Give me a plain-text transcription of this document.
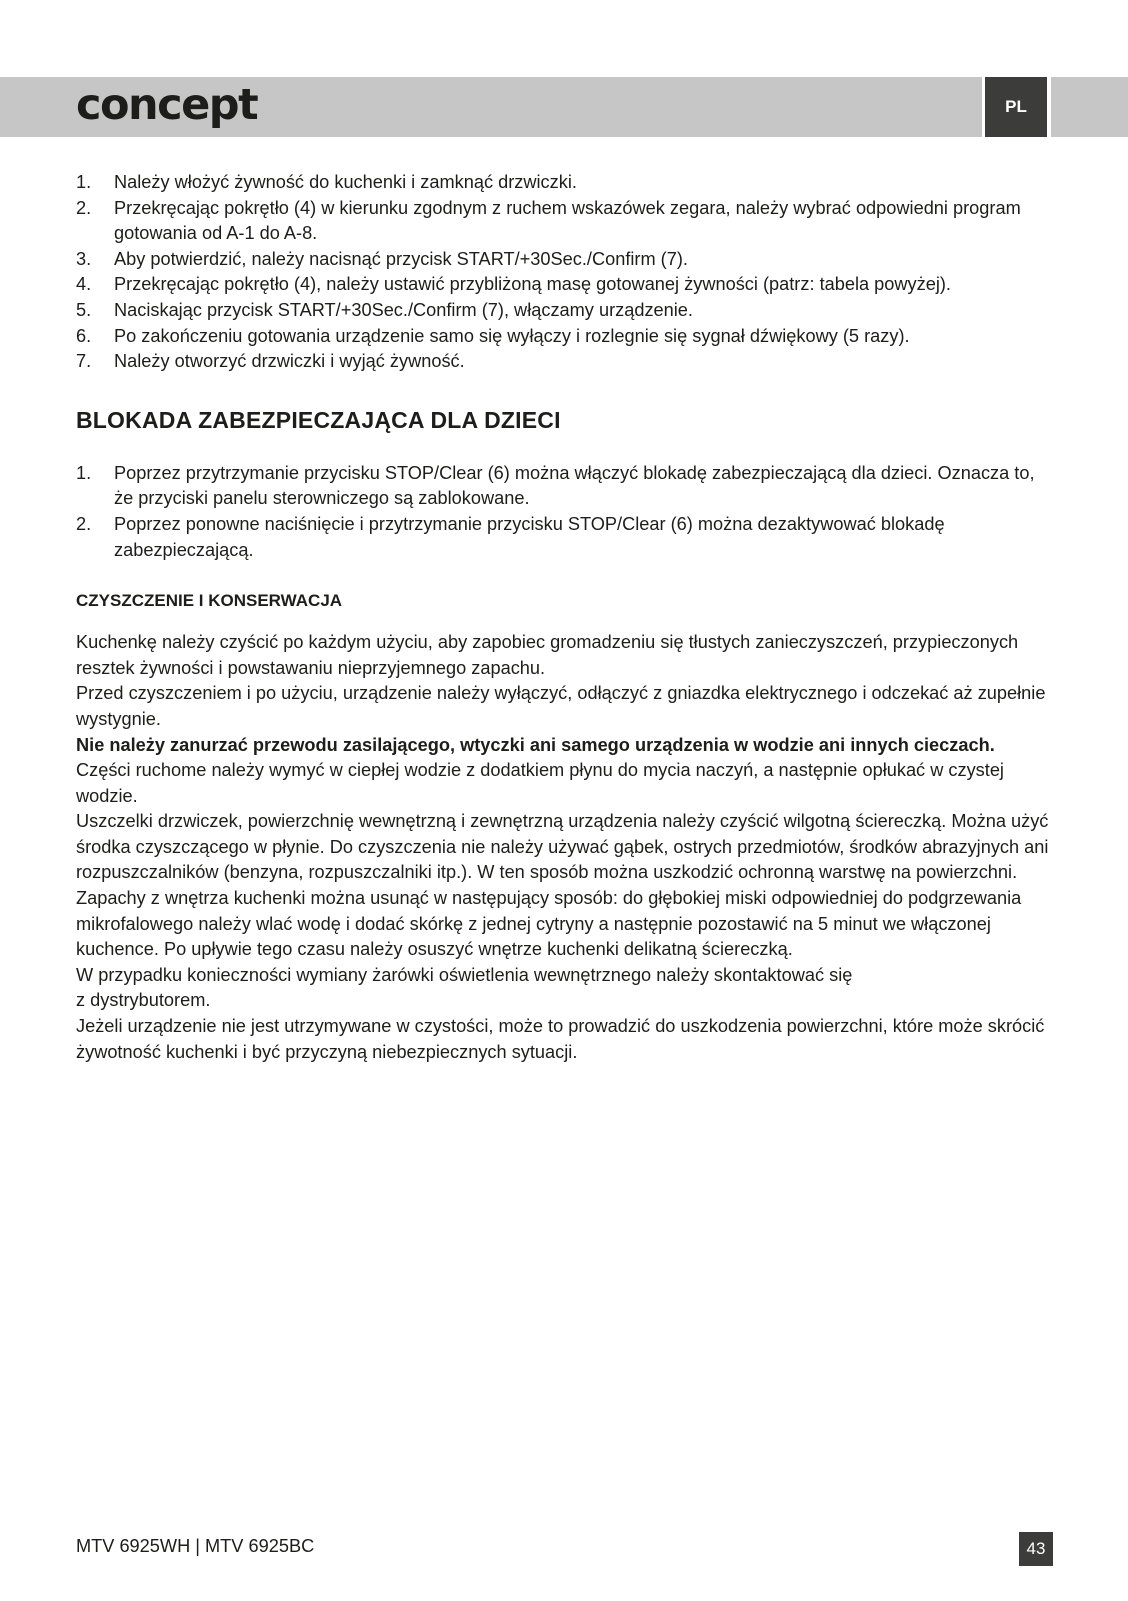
concept	PL
1. Należy włożyć żywność do kuchenki i zamknąć drzwiczki.
2. Przekręcając pokrętło (4) w kierunku zgodnym z ruchem wskazówek zegara, należy wybrać odpowiedni program gotowania od A-1 do A-8.
3. Aby potwierdzić, należy nacisnąć przycisk START/+30Sec./Confirm (7).
4. Przekręcając pokrętło (4), należy ustawić przybliżoną masę gotowanej żywności (patrz: tabela powyżej).
5. Naciskając przycisk START/+30Sec./Confirm (7), włączamy urządzenie.
6. Po zakończeniu gotowania urządzenie samo się wyłączy i rozlegnie się sygnał dźwiękowy (5 razy).
7. Należy otworzyć drzwiczki i wyjąć żywność.
BLOKADA ZABEZPIECZAJĄCA DLA DZIECI
1. Poprzez przytrzymanie przycisku STOP/Clear (6) można włączyć blokadę zabezpieczającą dla dzieci. Oznacza to, że przyciski panelu sterowniczego są zablokowane.
2. Poprzez ponowne naciśnięcie i przytrzymanie przycisku STOP/Clear (6) można dezaktywować blokadę zabezpieczającą.
CZYSZCZENIE I KONSERWACJA

Kuchenkę należy czyścić po każdym użyciu, aby zapobiec gromadzeniu się tłustych zanieczyszczeń, przypieczonych resztek żywności i powstawaniu nieprzyjemnego zapachu.

Przed czyszczeniem i po użyciu, urządzenie należy wyłączyć, odłączyć z gniazdka elektrycznego i odczekać aż zupełnie wystygnie.

Nie należy zanurzać przewodu zasilającego, wtyczki ani samego urządzenia w wodzie ani innych cieczach.

Części ruchome należy wymyć w ciepłej wodzie z dodatkiem płynu do mycia naczyń, a następnie opłukać w czystej wodzie.

Uszczelki drzwiczek, powierzchnię wewnętrzną i zewnętrzną urządzenia należy czyścić wilgotną ściereczką. Można użyć środka czyszczącego w płynie. Do czyszczenia nie należy używać gąbek, ostrych przedmiotów, środków abrazyjnych ani rozpuszczalników (benzyna, rozpuszczalniki itp.). W ten sposób można uszkodzić ochronną warstwę na powierzchni.

Zapachy z wnętrza kuchenki można usunąć w następujący sposób: do głębokiej miski odpowiedniej do podgrzewania mikrofalowego należy wlać wodę i dodać skórkę z jednej cytryny a następnie pozostawić na 5 minut we włączonej kuchence. Po upływie tego czasu należy osuszyć wnętrze kuchenki delikatną ściereczką.

W przypadku konieczności wymiany żarówki oświetlenia wewnętrznego należy skontaktować się

z dystrybutorem.

Jeżeli urządzenie nie jest utrzymywane w czystości, może to prowadzić do uszkodzenia powierzchni, które może skrócić żywotność kuchenki i być przyczyną niebezpiecznych sytuacji.

MTV 6925WH | MTV 6925BC	43
